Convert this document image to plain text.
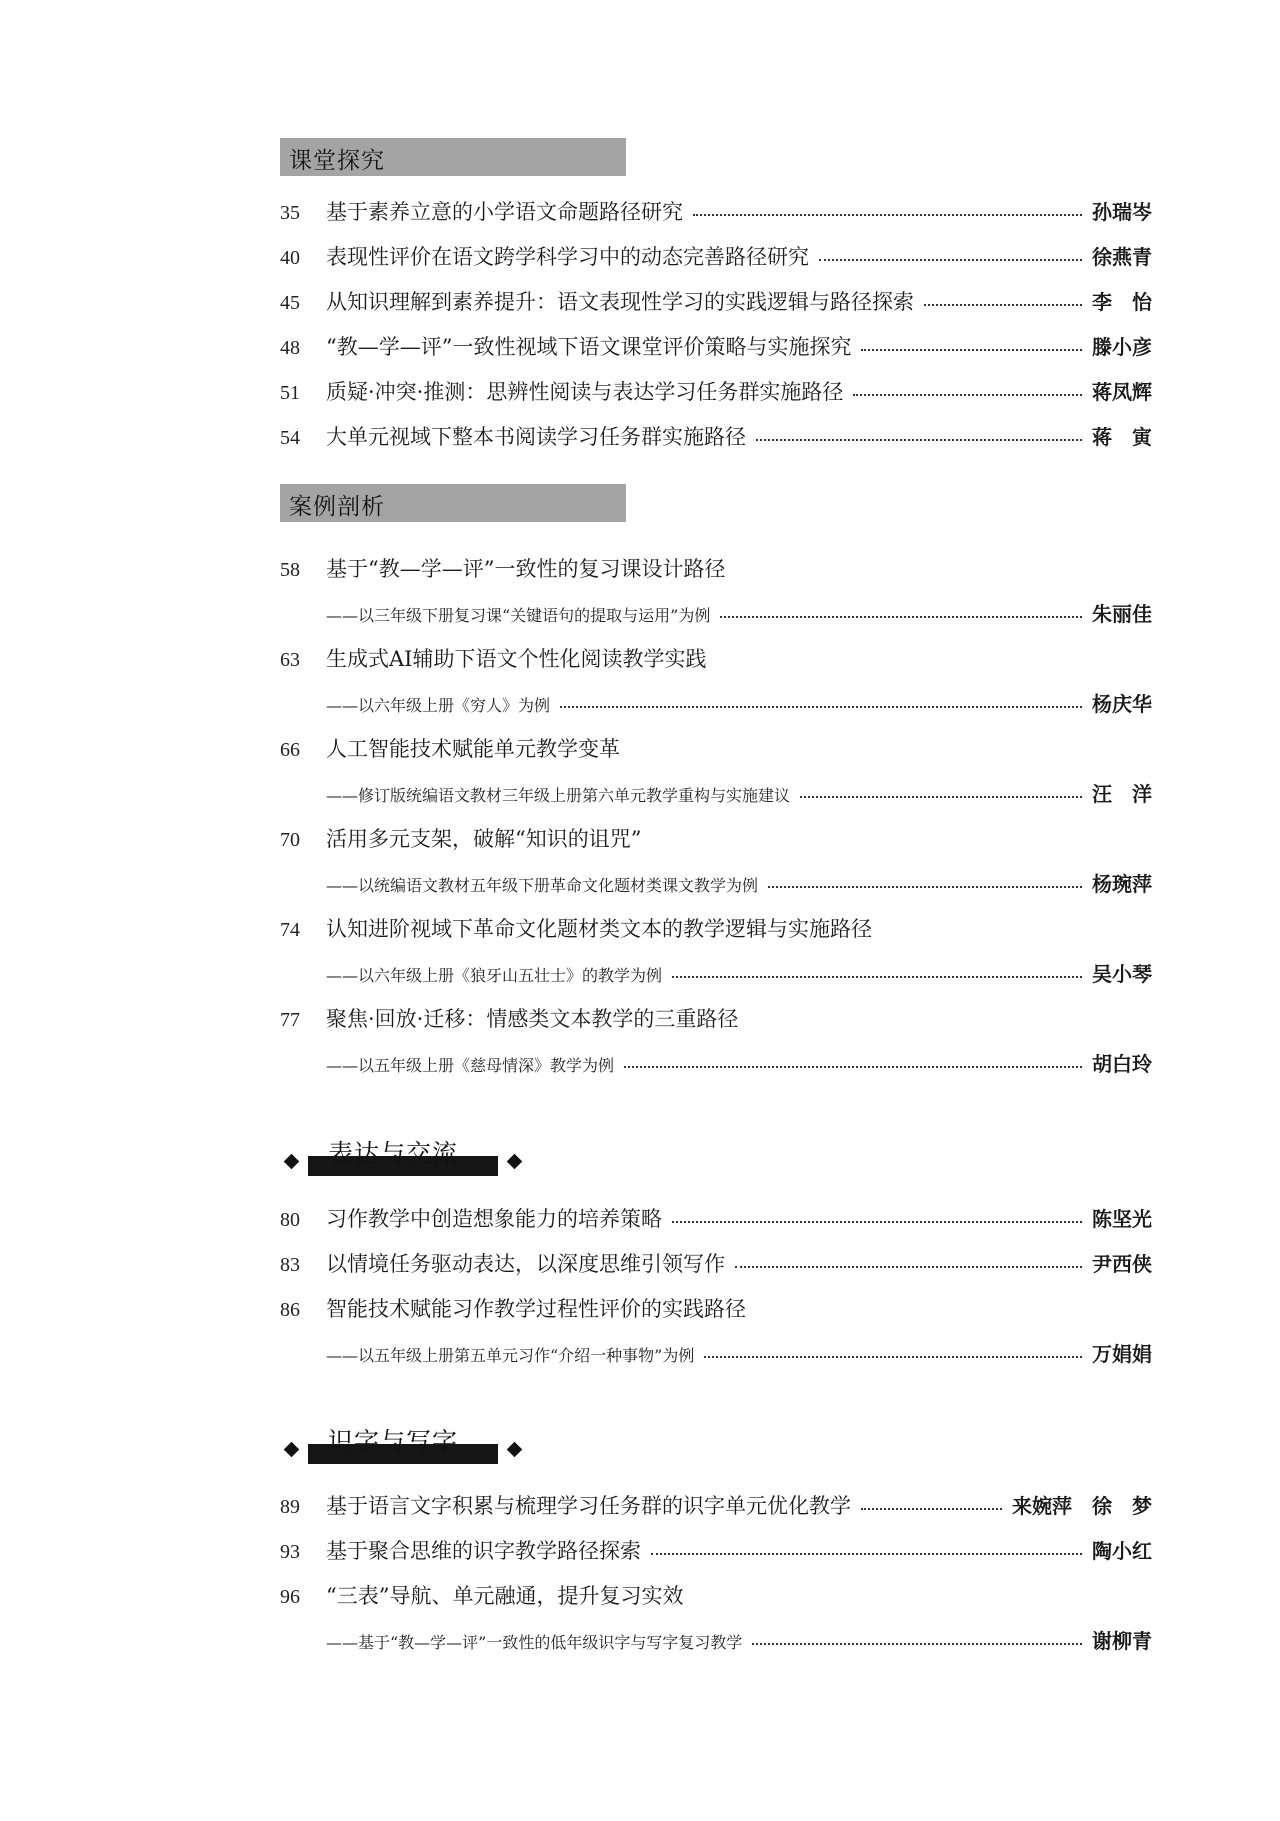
课堂探究
35	基于素养立意的小学语文命题路径研究	孙瑞岑
40	表现性评价在语文跨学科学习中的动态完善路径研究	徐燕青
45	从知识理解到素养提升：语文表现性学习的实践逻辑与路径探索	李　怡
48	“教—学—评”一致性视域下语文课堂评价策略与实施探究	滕小彦
51	质疑·冲突·推测：思辨性阅读与表达学习任务群实施路径	蒋凤辉
54	大单元视域下整本书阅读学习任务群实施路径	蒋　寅
案例剖析
58	基于“教—学—评”一致性的复习课设计路径
——以三年级下册复习课“关键语句的提取与运用”为例	朱丽佳
63	生成式AI辅助下语文个性化阅读教学实践
——以六年级上册《穷人》为例	杨庆华
66	人工智能技术赋能单元教学变革
——修订版统编语文教材三年级上册第六单元教学重构与实施建议	汪　洋
70	活用多元支架，破解“知识的诅咒”
——以统编语文教材五年级下册革命文化题材类课文教学为例	杨琬萍
74	认知进阶视域下革命文化题材类文本的教学逻辑与实施路径
——以六年级上册《狼牙山五壮士》的教学为例	吴小琴
77	聚焦·回放·迁移：情感类文本教学的三重路径
——以五年级上册《慈母情深》教学为例	胡白玲
表达与交流
80	习作教学中创造想象能力的培养策略	陈坚光
83	以情境任务驱动表达，以深度思维引领写作	尹西侠
86	智能技术赋能习作教学过程性评价的实践路径
——以五年级上册第五单元习作“介绍一种事物”为例	万娟娟
识字与写字
89	基于语言文字积累与梳理学习任务群的识字单元优化教学	来婉萍　徐　梦
93	基于聚合思维的识字教学路径探索	陶小红
96	“三表”导航、单元融通，提升复习实效
——基于“教—学—评”一致性的低年级识字与写字复习教学	谢柳青
